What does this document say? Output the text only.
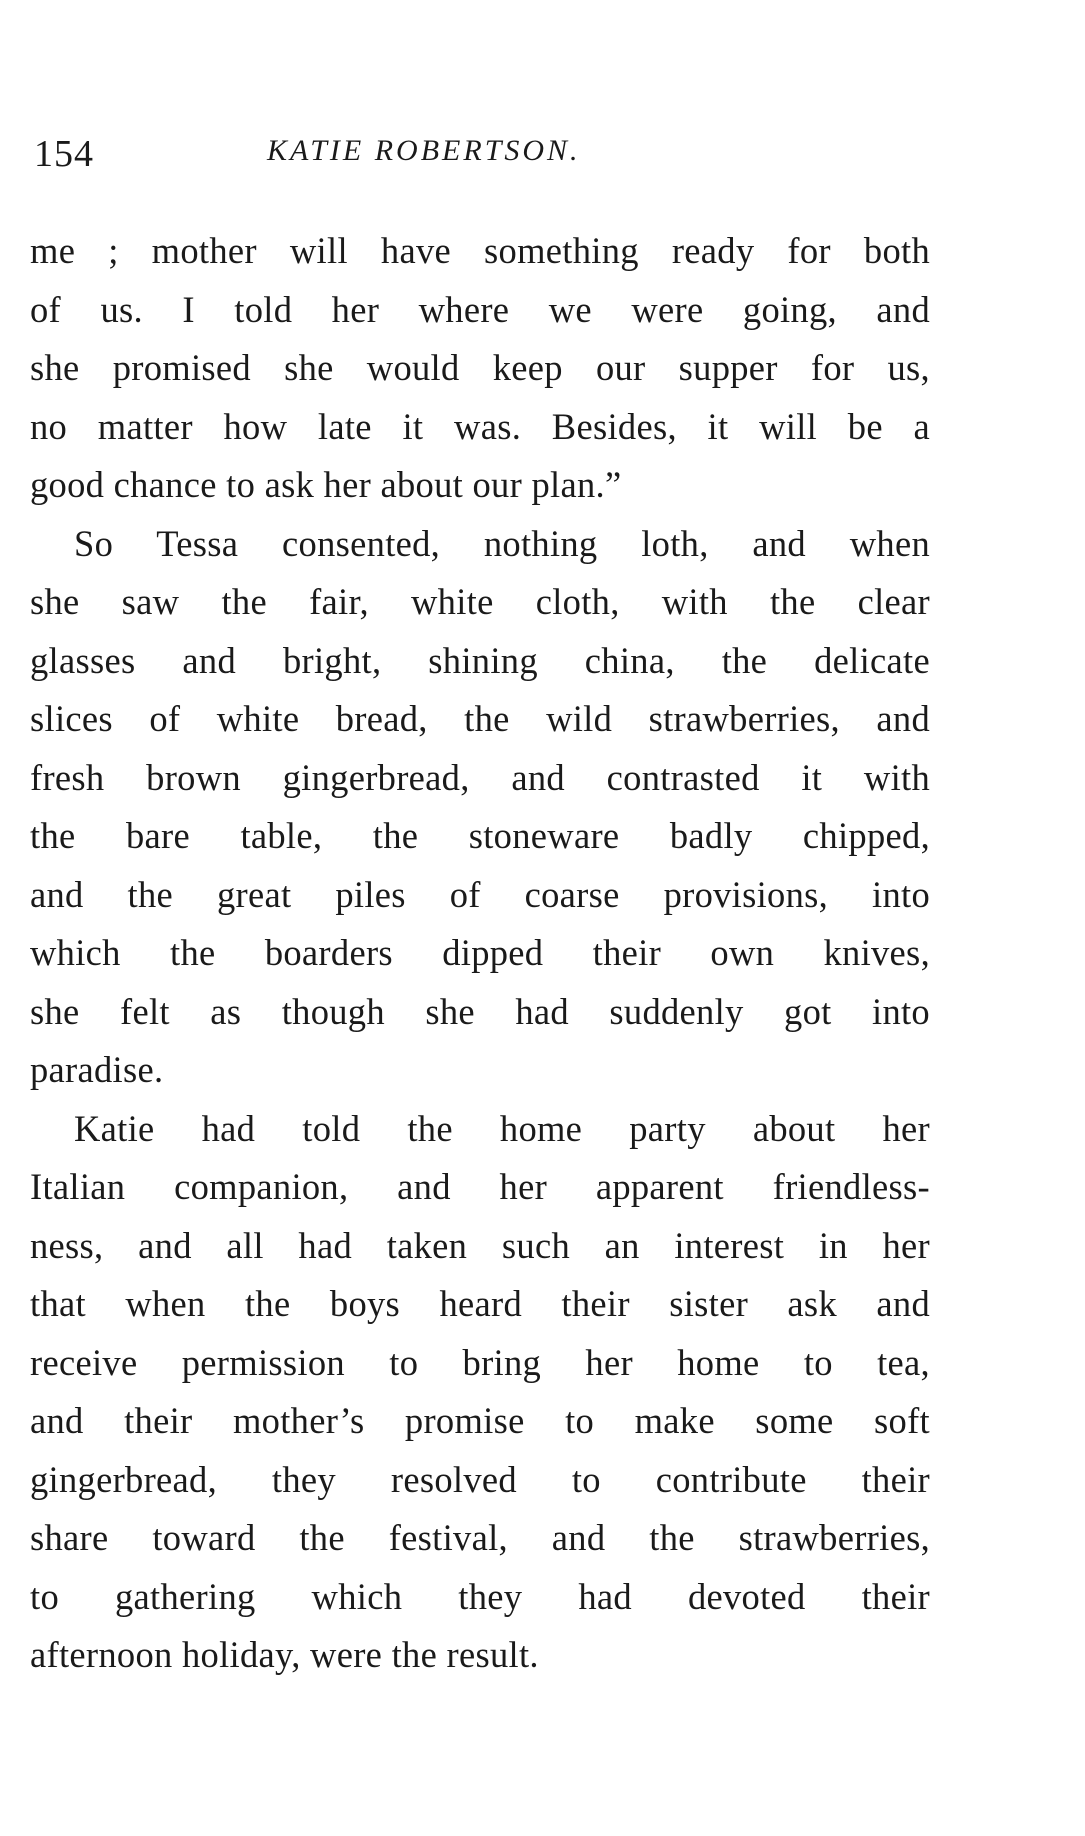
154	KATIE ROBERTSON.
me ; mother will have something ready for both
of us. I told her where we were going, and
she promised she would keep our supper for us,
no matter how late it was. Besides, it will be a
good chance to ask her about our plan.”
So Tessa consented, nothing loth, and when
she saw the fair, white cloth, with the clear
glasses and bright, shining china, the delicate
slices of white bread, the wild strawberries, and
fresh brown gingerbread, and contrasted it with
the bare table, the stoneware badly chipped,
and the great piles of coarse provisions, into
which the boarders dipped their own knives,
she felt as though she had suddenly got into
paradise.
Katie had told the home party about her
Italian companion, and her apparent friendless-
ness, and all had taken such an interest in her
that when the boys heard their sister ask and
receive permission to bring her home to tea,
and their mother’s promise to make some soft
gingerbread, they resolved to contribute their
share toward the festival, and the strawberries,
to gathering which they had devoted their
afternoon holiday, were the result.
